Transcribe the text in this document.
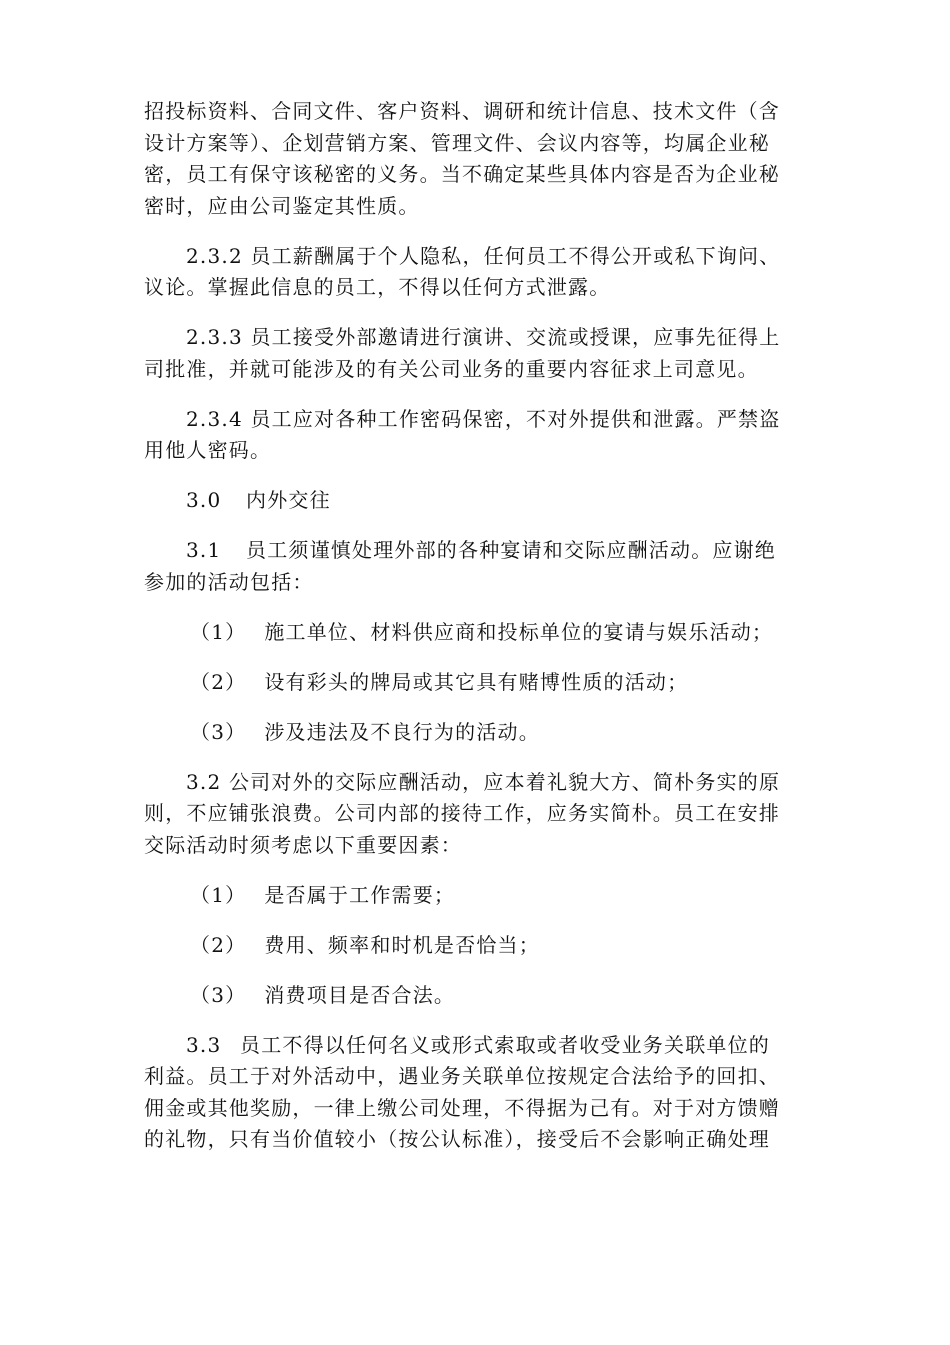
招投标资料、合同文件、客户资料、调研和统计信息、技术文件（含
设计方案等）、企划营销方案、管理文件、会议内容等，均属企业秘
密，员工有保守该秘密的义务。当不确定某些具体内容是否为企业秘
密时，应由公司鉴定其性质。

2.3.2 员工薪酬属于个人隐私，任何员工不得公开或私下询问、
议论。掌握此信息的员工，不得以任何方式泄露。

2.3.3 员工接受外部邀请进行演讲、交流或授课，应事先征得上
司批准，并就可能涉及的有关公司业务的重要内容征求上司意见。

2.3.4 员工应对各种工作密码保密，不对外提供和泄露。严禁盗
用他人密码。

3.0 内外交往

3.1 员工须谨慎处理外部的各种宴请和交际应酬活动。应谢绝
参加的活动包括：

（1） 施工单位、材料供应商和投标单位的宴请与娱乐活动；
（2） 设有彩头的牌局或其它具有赌博性质的活动；
（3） 涉及违法及不良行为的活动。

3.2 公司对外的交际应酬活动，应本着礼貌大方、简朴务实的原
则，不应铺张浪费。公司内部的接待工作，应务实简朴。员工在安排
交际活动时须考虑以下重要因素：

（1） 是否属于工作需要；
（2） 费用、频率和时机是否恰当；
（3） 消费项目是否合法。

3.3 员工不得以任何名义或形式索取或者收受业务关联单位的
利益。员工于对外活动中，遇业务关联单位按规定合法给予的回扣、
佣金或其他奖励，一律上缴公司处理，不得据为己有。对于对方馈赠
的礼物，只有当价值较小（按公认标准），接受后不会影响正确处理
